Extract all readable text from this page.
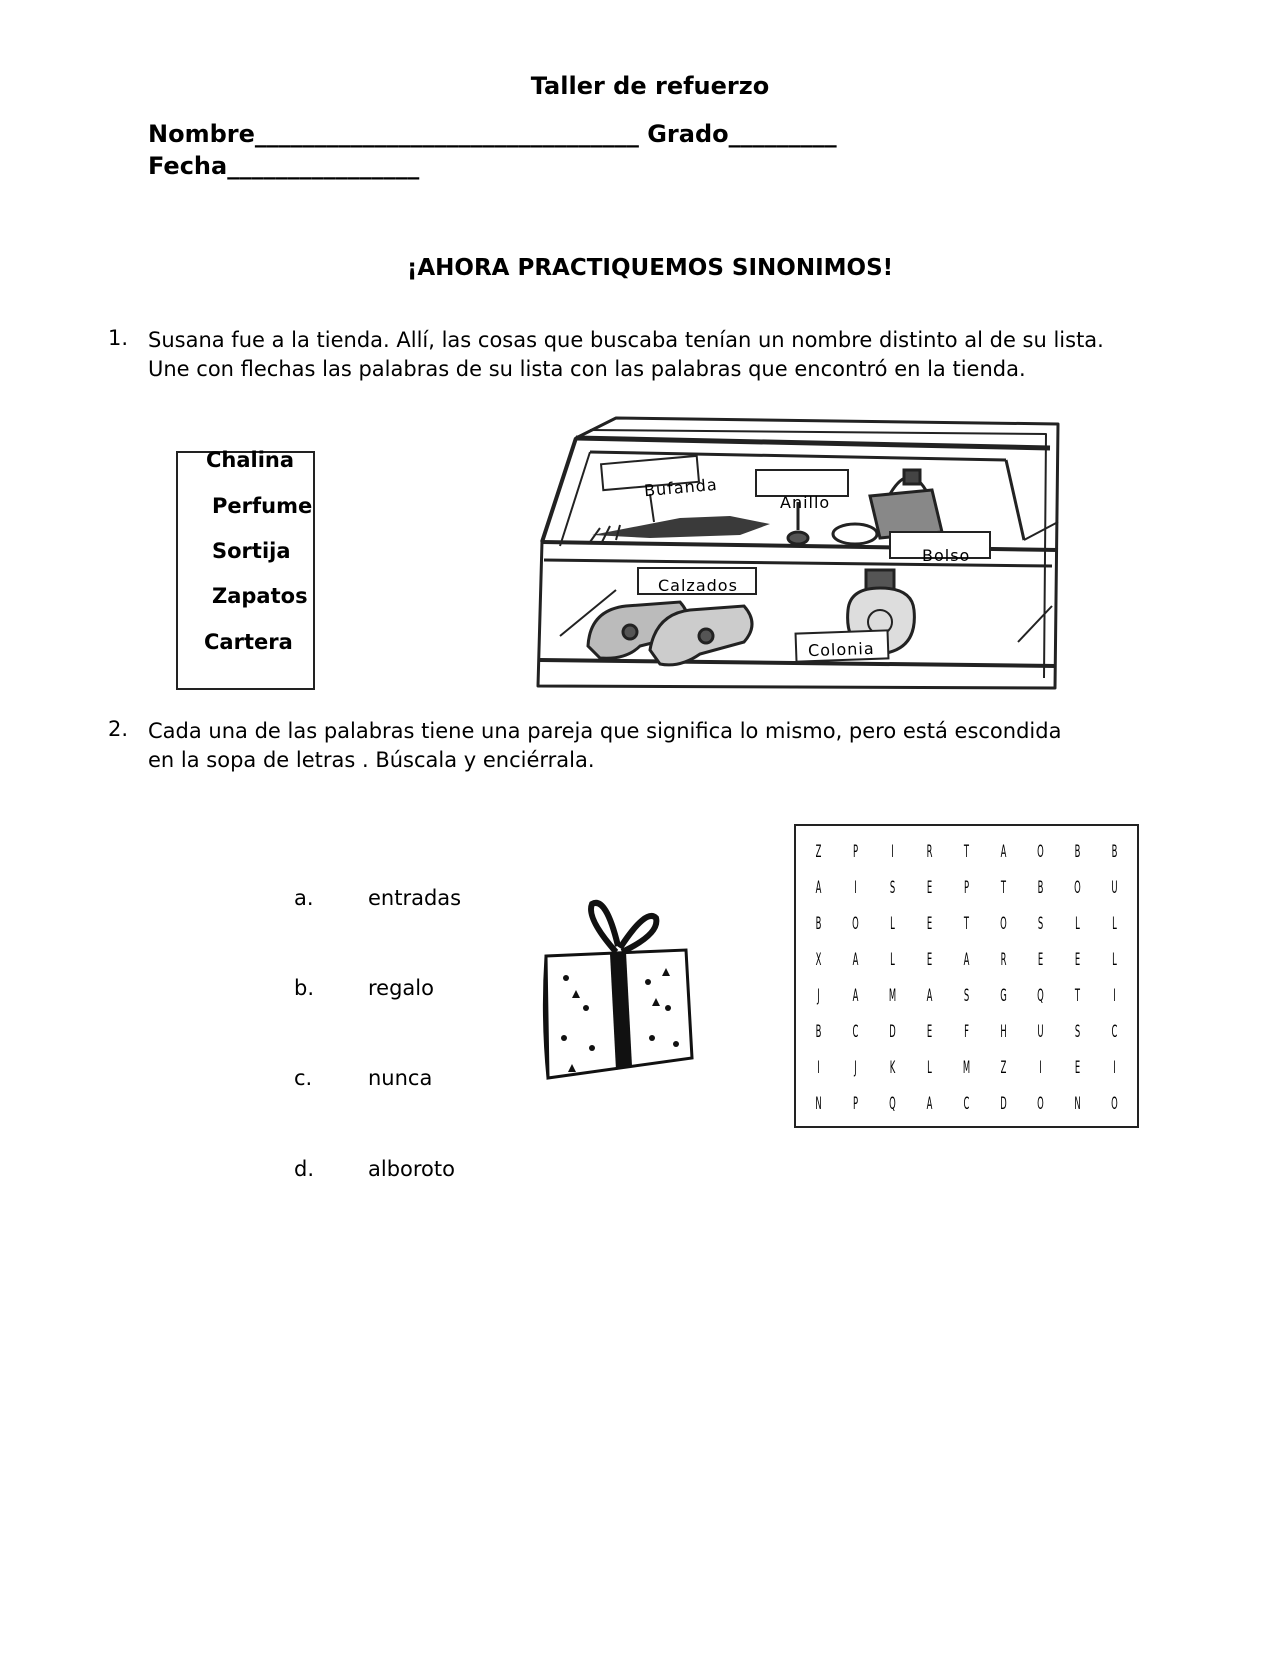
Taller de refuerzo
Nombre________________________________ Grado_________
Fecha________________
¡AHORA PRACTIQUEMOS SINONIMOS!
1. Susana fue a la tienda. Allí, las cosas que buscaba tenían un nombre distinto al de su lista.
Une con flechas las palabras de su lista con las palabras que encontró en la tienda.
Chalina
Perfume
Sortija
Zapatos
Cartera
Bufanda
Anillo
Bolso
Calzados
Colonia
2. Cada una de las palabras tiene una pareja que significa lo mismo, pero está escondida
en la sopa de letras . Búscala y enciérrala.
a.	entradas
b.	regalo
c.	nunca
d.	alboroto
Z	P	I	R	T	A	O	B	B
A	I	S	E	P	T	B	O	U
B	O	L	E	T	O	S	L	L
X	A	L	E	A	R	E	E	L
J	A	M	A	S	G	Q	T	I
B	C	D	E	F	H	U	S	C
I	J	K	L	M	Z	I	E	I
N	P	Q	A	C	D	O	N	O
